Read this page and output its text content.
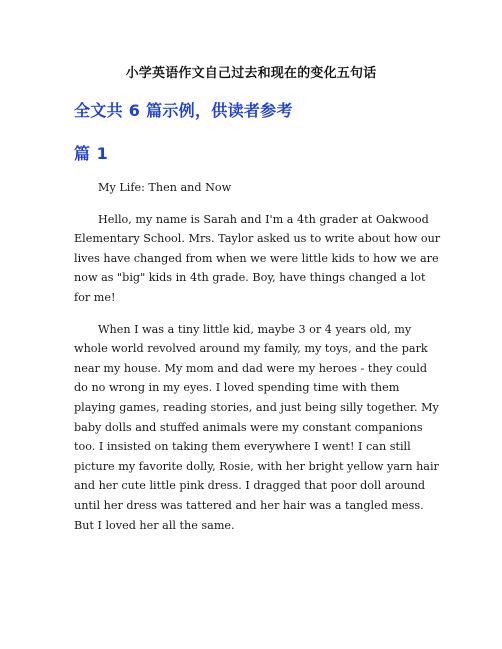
小学英语作文自己过去和现在的变化五句话
全文共 6 篇示例，供读者参考
篇 1

My Life: Then and Now

Hello, my name is Sarah and I'm a 4th grader at Oakwood Elementary School. Mrs. Taylor asked us to write about how our lives have changed from when we were little kids to how we are now as "big" kids in 4th grade. Boy, have things changed a lot for me!

When I was a tiny little kid, maybe 3 or 4 years old, my whole world revolved around my family, my toys, and the park near my house. My mom and dad were my heroes - they could do no wrong in my eyes. I loved spending time with them playing games, reading stories, and just being silly together. My baby dolls and stuffed animals were my constant companions too. I insisted on taking them everywhere I went! I can still picture my favorite dolly, Rosie, with her bright yellow yarn hair and her cute little pink dress. I dragged that poor doll around until her dress was tattered and her hair was a tangled mess. But I loved her all the same.
